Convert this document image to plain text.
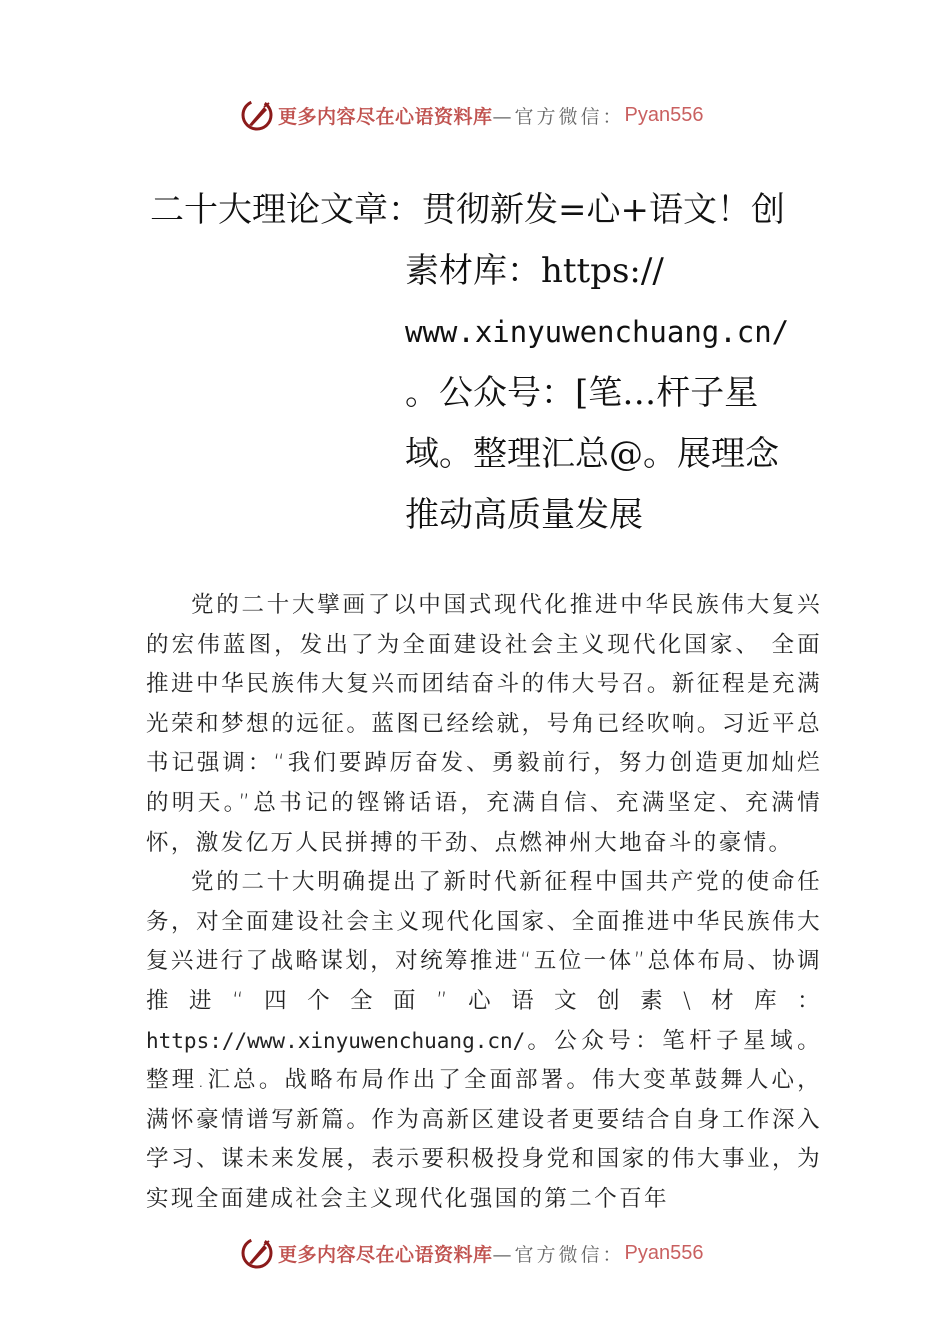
更多内容尽在心语资料库 —官方微信： Pyan556
二十大理论文章：贯彻新发=心+语文！创
素材库：https://
www.xinyuwenchuang.cn/
。公众号：[笔…杆子星
域。整理汇总@。展理念
推动高质量发展

党的二十大擘画了以中国式现代化推进中华民族伟大复兴的宏伟蓝图，发出了为全面建设社会主义现代化国家、 全面推进中华民族伟大复兴而团结奋斗的伟大号召。新征程是充满光荣和梦想的远征。蓝图已经绘就，号角已经吹响。习近平总书记强调：“我们要踔厉奋发、勇毅前行，努力创造更加灿烂的明天。”总书记的铿锵话语，充满自信、充满坚定、充满情怀，激发亿万人民拼搏的干劲、点燃神州大地奋斗的豪情。

党的二十大明确提出了新时代新征程中国共产党的使命任务，对全面建设社会主义现代化国家、全面推进中华民族伟大复兴进行了战略谋划，对统筹推进“五位一体”总体布局、协调推进“四个全面”心语文创素\材库：https://www.xinyuwenchuang.cn/。公众号：笔杆子星域。整理.汇总。战略布局作出了全面部署。伟大变革鼓舞人心，满怀豪情谱写新篇。作为高新区建设者更要结合自身工作深入学习、谋未来发展，表示要积极投身党和国家的伟大事业，为实现全面建成社会主义现代化强国的第二个百年

更多内容尽在心语资料库 —官方微信： Pyan556
